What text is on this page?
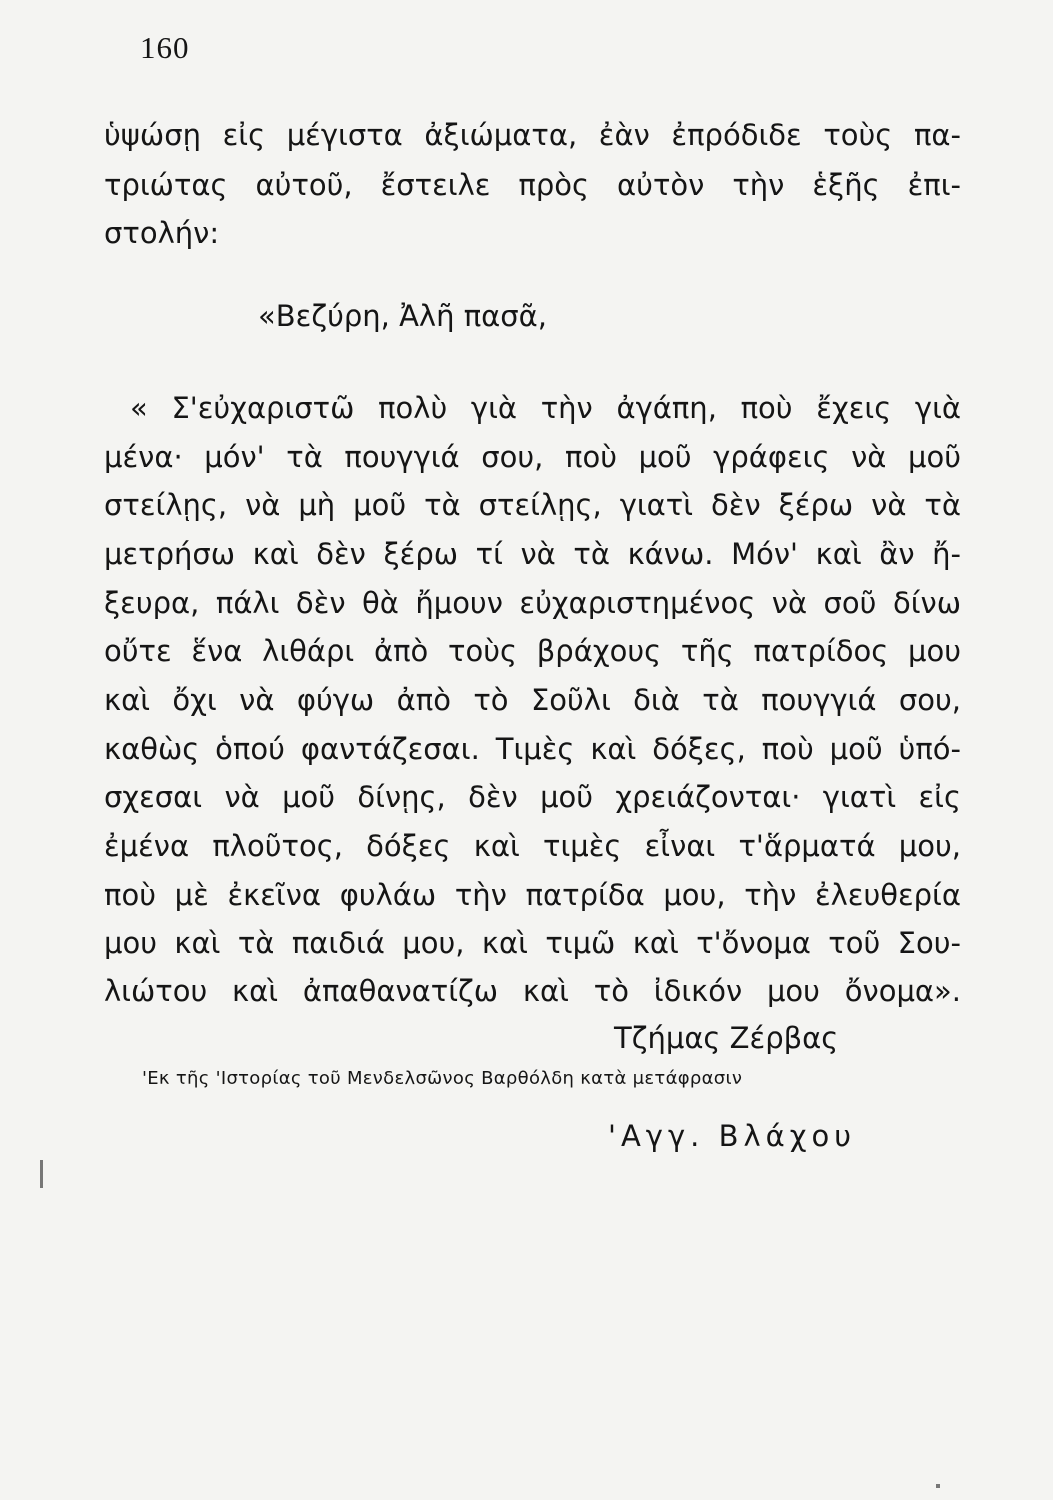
160
ὑψώσῃ εἰς μέγιστα ἀξιώματα, ἐὰν ἐπρόδιδε τοὺς πα-
τριώτας αὐτοῦ, ἔστειλε πρὸς αὐτὸν τὴν ἑξῆς ἐπι-
στολήν:
«Βεζύρη, Ἀλῆ πασᾶ,
« Σ'εὐχαριστῶ πολὺ γιὰ τὴν ἀγάπη, ποὺ ἔχεις γιὰ
μένα· μόν' τὰ πουγγιά σου, ποὺ μοῦ γράφεις νὰ μοῦ
στείλῃς, νὰ μὴ μοῦ τὰ στείλῃς, γιατὶ δὲν ξέρω νὰ τὰ
μετρήσω καὶ δὲν ξέρω τί νὰ τὰ κάνω. Μόν' καὶ ἂν ἤ-
ξευρα, πάλι δὲν θὰ ἤμουν εὐχαριστημένος νὰ σοῦ δίνω
οὔτε ἕνα λιθάρι ἀπὸ τοὺς βράχους τῆς πατρίδος μου
καὶ ὄχι νὰ φύγω ἀπὸ τὸ Σοῦλι διὰ τὰ πουγγιά σου,
καθὼς ὁπού φαντάζεσαι. Τιμὲς καὶ δόξες, ποὺ μοῦ ὑπό-
σχεσαι νὰ μοῦ δίνῃς, δὲν μοῦ χρειάζονται· γιατὶ εἰς
ἐμένα πλοῦτος, δόξες καὶ τιμὲς εἶναι τ'ἅρματά μου,
ποὺ μὲ ἐκεῖνα φυλάω τὴν πατρίδα μου, τὴν ἐλευθερία
μου καὶ τὰ παιδιά μου, καὶ τιμῶ καὶ τ'ὄνομα τοῦ Σου-
λιώτου καὶ ἀπαθανατίζω καὶ τὸ ἰδικόν μου ὄνομα».
Τζήμας Ζέρβας
'Εκ τῆς 'Ιστορίας τοῦ Μενδελσῶνος Βαρθόλδη κατὰ μετάφρασιν
'Αγγ. Βλάχου
